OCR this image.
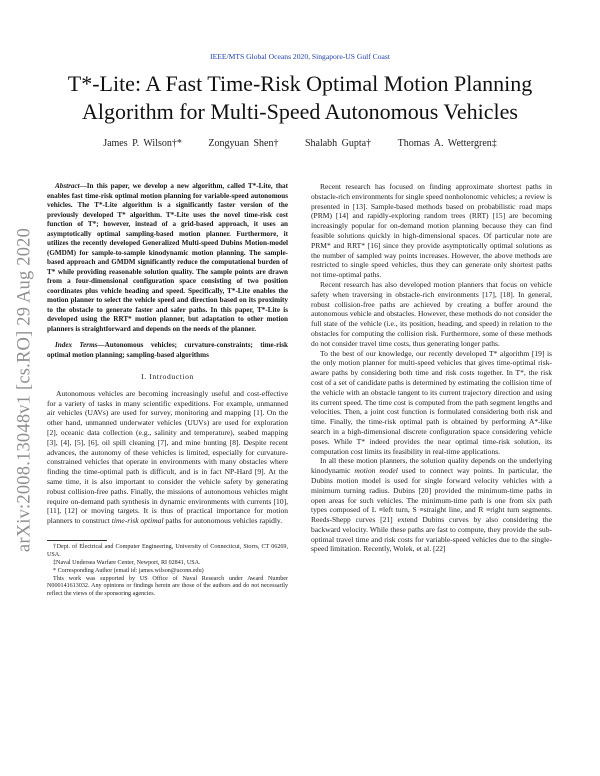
IEEE/MTS Global Oceans 2020, Singapore-US Gulf Coast
T*-Lite: A Fast Time-Risk Optimal Motion Planning
Algorithm for Multi-Speed Autonomous Vehicles
James P. Wilson†*	Zongyuan Shen†	Shalabh Gupta†	Thomas A. Wettergren‡
arXiv:2008.13048v1 [cs.RO] 29 Aug 2020

Abstract—In this paper, we develop a new algorithm, called T*-Lite, that enables fast time-risk optimal motion planning for variable-speed autonomous vehicles. The T*-Lite algorithm is a significantly faster version of the previously developed T* algorithm. T*-Lite uses the novel time-risk cost function of T*; however, instead of a grid-based approach, it uses an asymptotically optimal sampling-based motion planner. Furthermore, it utilizes the recently developed Generalized Multi-speed Dubins Motion-model (GMDM) for sample-to-sample kinodynamic motion planning. The sample-based approach and GMDM significantly reduce the computational burden of T* while providing reasonable solution quality. The sample points are drawn from a four-dimensional configuration space consisting of two position coordinates plus vehicle heading and speed. Specifically, T*-Lite enables the motion planner to select the vehicle speed and direction based on its proximity to the obstacle to generate faster and safer paths. In this paper, T*-Lite is developed using the RRT* motion planner, but adaptation to other motion planners is straightforward and depends on the needs of the planner.

Index Terms—Autonomous vehicles; curvature-constraints; time-risk optimal motion planning; sampling-based algorithms

I. Introduction

Autonomous vehicles are becoming increasingly useful and cost-effective for a variety of tasks in many scientific expeditions. For example, unmanned air vehicles (UAVs) are used for survey, monitoring and mapping [1]. On the other hand, unmanned underwater vehicles (UUVs) are used for exploration [2], oceanic data collection (e.g., salinity and temperature), seabed mapping [3], [4], [5], [6], oil spill cleaning [7], and mine hunting [8]. Despite recent advances, the autonomy of these vehicles is limited, especially for curvature-constrained vehicles that operate in environments with many obstacles where finding the time-optimal path is difficult, and is in fact NP-Hard [9]. At the same time, it is also important to consider the vehicle safety by generating robust collision-free paths. Finally, the missions of autonomous vehicles might require on-demand path synthesis in dynamic environments with currents [10], [11], [12] or moving targets. It is thus of practical importance for motion planners to construct time-risk optimal paths for autonomous vehicles rapidly.

†Dept. of Electrical and Computer Engineering, University of Connecticut, Storrs, CT 06269, USA.

‡Naval Undersea Warfare Center, Newport, RI 02841, USA.

* Corresponding Author (email id: james.wilson@uconn.edu)

This work was supported by US Office of Naval Research under Award Number N000141613032. Any opinions or findings herein are those of the authors and do not necessarily reflect the views of the sponsoring agencies.

Recent research has focused on finding approximate shortest paths in obstacle-rich environments for single speed nonholonomic vehicles; a review is presented in [13]. Sample-based methods based on probabilistic road maps (PRM) [14] and rapidly-exploring random trees (RRT) [15] are becoming increasingly popular for on-demand motion planning because they can find feasible solutions quickly in high-dimensional spaces. Of particular note are PRM* and RRT* [16] since they provide asymptotically optimal solutions as the number of sampled way points increases. However, the above methods are restricted to single speed vehicles, thus they can generate only shortest paths not time-optimal paths.

Recent research has also developed motion planners that focus on vehicle safety when traversing in obstacle-rich environments [17], [18]. In general, robust collision-free paths are achieved by creating a buffer around the autonomous vehicle and obstacles. However, these methods do not consider the full state of the vehicle (i.e., its position, heading, and speed) in relation to the obstacles for computing the collision risk. Furthermore, some of these methods do not consider travel time costs, thus generating longer paths.

To the best of our knowledge, our recently developed T* algorithm [19] is the only motion planner for multi-speed vehicles that gives time-optimal risk-aware paths by considering both time and risk costs together. In T*, the risk cost of a set of candidate paths is determined by estimating the collision time of the vehicle with an obstacle tangent to its current trajectory direction and using its current speed. The time cost is computed from the path segment lengths and velocities. Then, a joint cost function is formulated considering both risk and time. Finally, the time-risk optimal path is obtained by performing A*-like search in a high-dimensional discrete configuration space considering vehicle poses. While T* indeed provides the near optimal time-risk solution, its computation cost limits its feasibility in real-time applications.

In all these motion planners, the solution quality depends on the underlying kinodynamic motion model used to connect way points. In particular, the Dubins motion model is used for single forward velocity vehicles with a minimum turning radius. Dubins [20] provided the minimum-time paths in open areas for such vehicles. The minimum-time path is one from six path types composed of L ≡left turn, S ≡straight line, and R ≡right turn segments. Reeds-Shepp curves [21] extend Dubins curves by also considering the backward velocity. While these paths are fast to compute, they provide the sub-optimal travel time and risk costs for variable-speed vehicles due to the single-speed limitation. Recently, Wolek, et al. [22]
